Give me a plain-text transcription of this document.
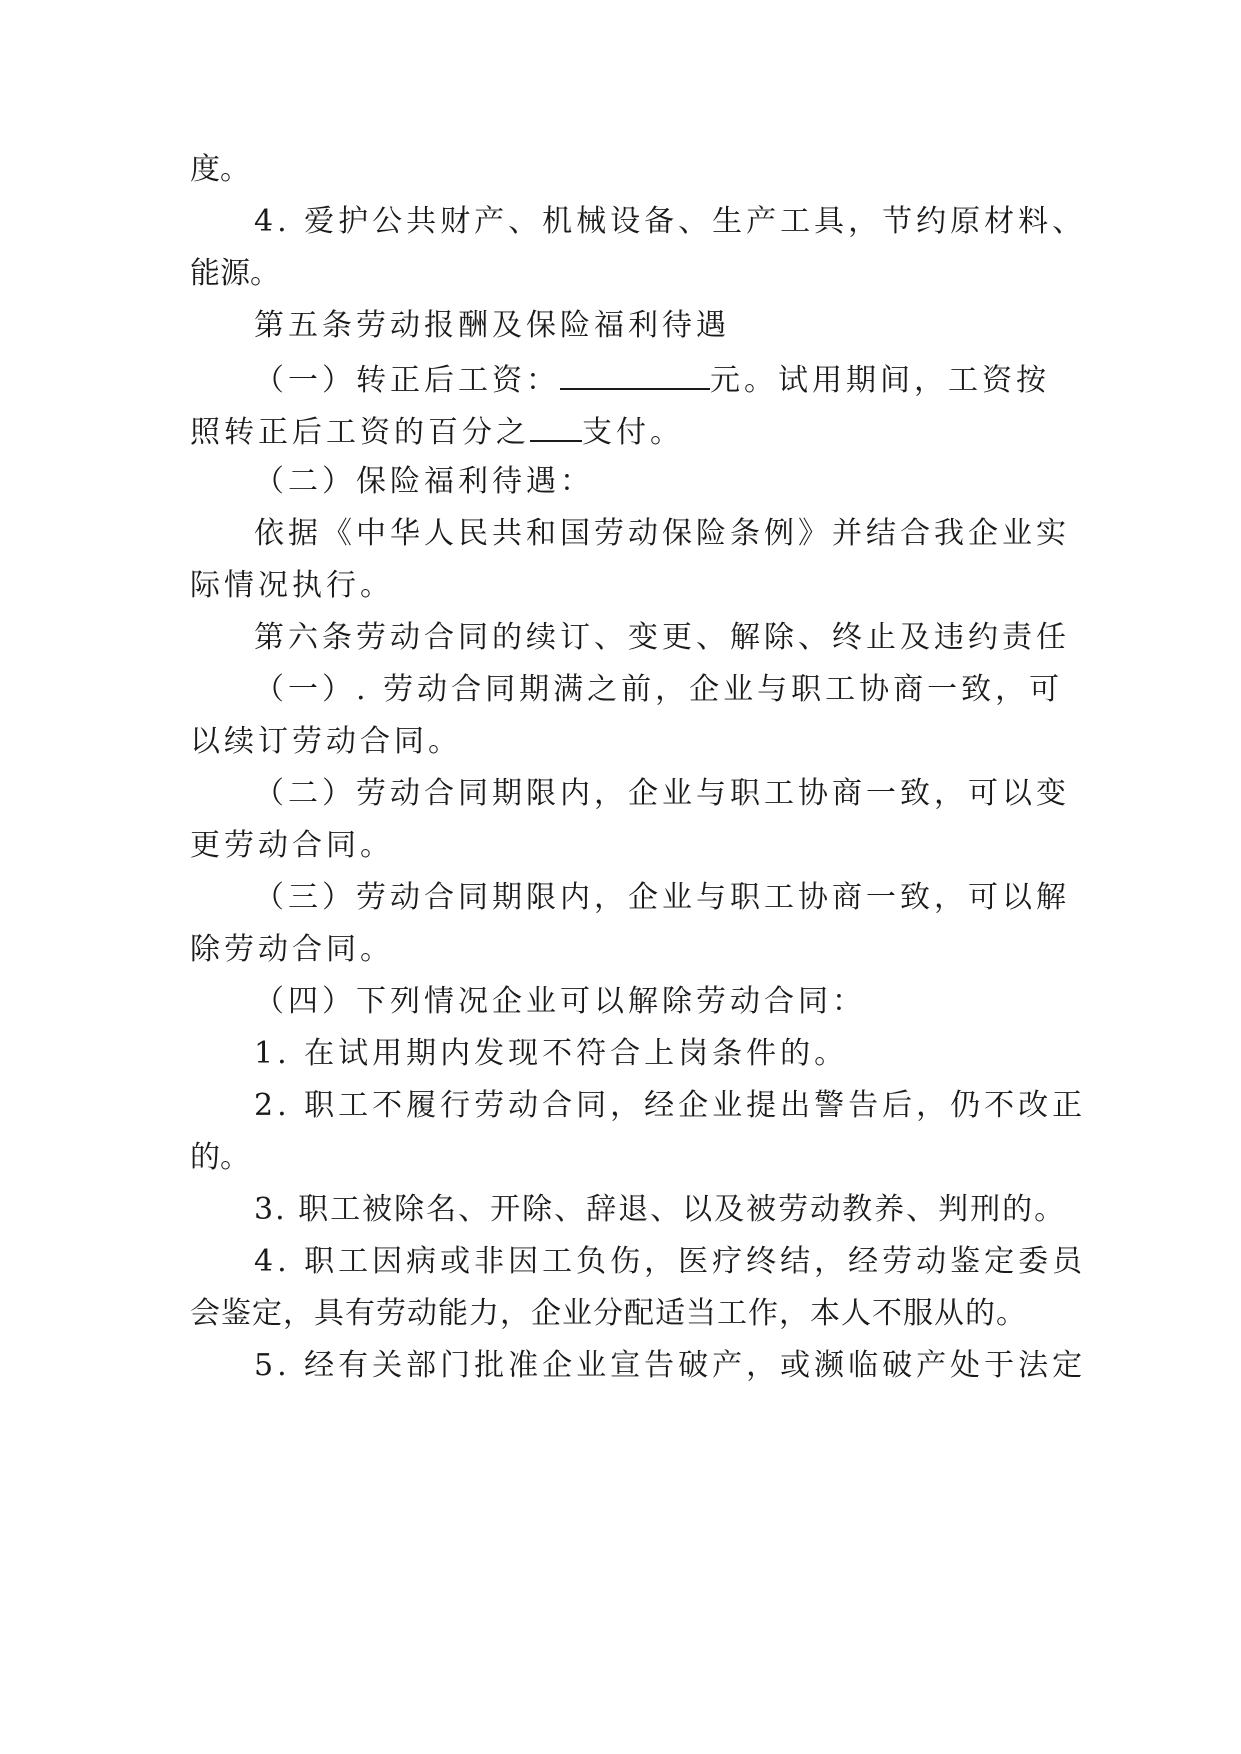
度。
4. 爱护公共财产、机械设备、生产工具，节约原材料、
能源。
第五条劳动报酬及保险福利待遇
（一）转正后工资：	元。试用期间，工资按
照转正后工资的百分之 支付。
（二）保险福利待遇：
依据《中华人民共和国劳动保险条例》并结合我企业实
际情况执行。
第六条劳动合同的续订、变更、解除、终止及违约责任
（一）. 劳动合同期满之前，企业与职工协商一致，可
以续订劳动合同。
（二）劳动合同期限内，企业与职工协商一致，可以变
更劳动合同。
（三）劳动合同期限内，企业与职工协商一致，可以解
除劳动合同。
（四）下列情况企业可以解除劳动合同：
1. 在试用期内发现不符合上岗条件的。
2. 职工不履行劳动合同，经企业提出警告后，仍不改正
的。
3. 职工被除名、开除、辞退、以及被劳动教养、判刑的。
4. 职工因病或非因工负伤，医疗终结，经劳动鉴定委员
会鉴定，具有劳动能力，企业分配适当工作，本人不服从的。
5. 经有关部门批准企业宣告破产，或濒临破产处于法定
